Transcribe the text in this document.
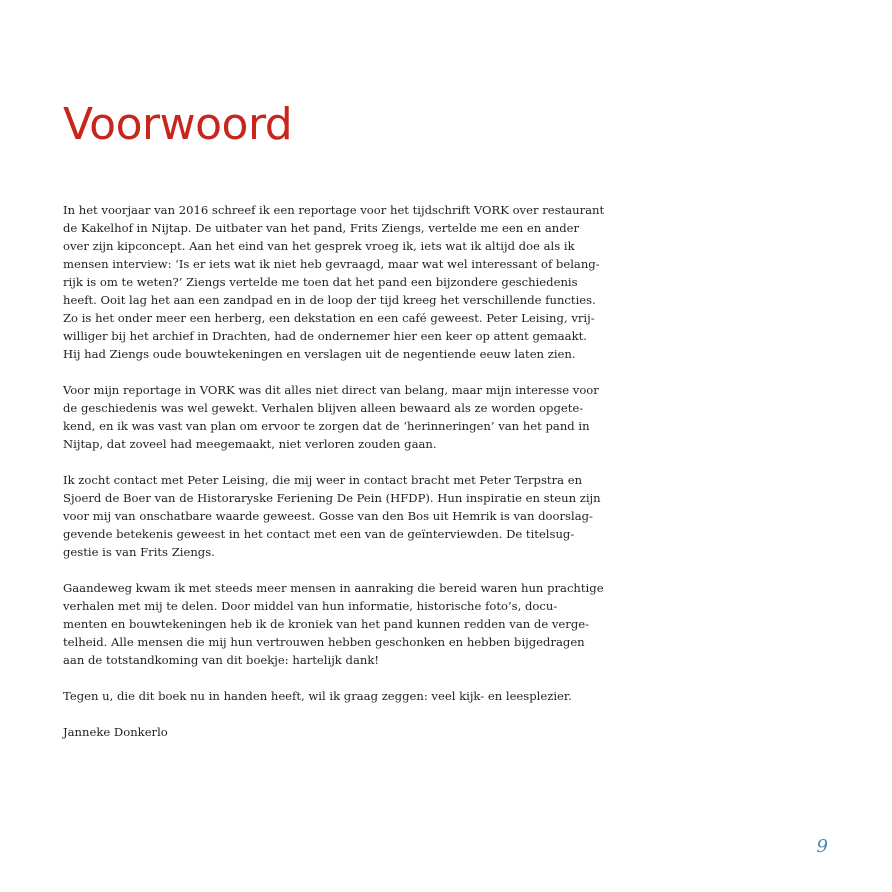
Voorwoord

In het voorjaar van 2016 schreef ik een reportage voor het tijdschrift VORK over restaurant
de Kakelhof in Nijtap. De uitbater van het pand, Frits Ziengs, vertelde me een en ander
over zijn kipconcept. Aan het eind van het gesprek vroeg ik, iets wat ik altijd doe als ik
mensen interview: ‘Is er iets wat ik niet heb gevraagd, maar wat wel interessant of belang-
rijk is om te weten?’ Ziengs vertelde me toen dat het pand een bijzondere geschiedenis
heeft. Ooit lag het aan een zandpad en in de loop der tijd kreeg het verschillende functies.
Zo is het onder meer een herberg, een dekstation en een café geweest. Peter Leising, vrij-
williger bij het archief in Drachten, had de ondernemer hier een keer op attent gemaakt.
Hij had Ziengs oude bouwtekeningen en verslagen uit de negentiende eeuw laten zien.

Voor mijn reportage in VORK was dit alles niet direct van belang, maar mijn interesse voor
de geschiedenis was wel gewekt. Verhalen blijven alleen bewaard als ze worden opgete-
kend, en ik was vast van plan om ervoor te zorgen dat de ‘herinneringen’ van het pand in
Nijtap, dat zoveel had meegemaakt, niet verloren zouden gaan.

Ik zocht contact met Peter Leising, die mij weer in contact bracht met Peter Terpstra en
Sjoerd de Boer van de Historaryske Feriening De Pein (HFDP). Hun inspiratie en steun zijn
voor mij van onschatbare waarde geweest. Gosse van den Bos uit Hemrik is van doorslag-
gevende betekenis geweest in het contact met een van de geïnterviewden. De titelsug-
gestie is van Frits Ziengs.

Gaandeweg kwam ik met steeds meer mensen in aanraking die bereid waren hun prachtige
verhalen met mij te delen. Door middel van hun informatie, historische foto’s, docu-
menten en bouwtekeningen heb ik de kroniek van het pand kunnen redden van de verge-
telheid. Alle mensen die mij hun vertrouwen hebben geschonken en hebben bijgedragen
aan de totstandkoming van dit boekje: hartelijk dank!

Tegen u, die dit boek nu in handen heeft, wil ik graag zeggen: veel kijk- en leesplezier.

Janneke Donkerlo

9
